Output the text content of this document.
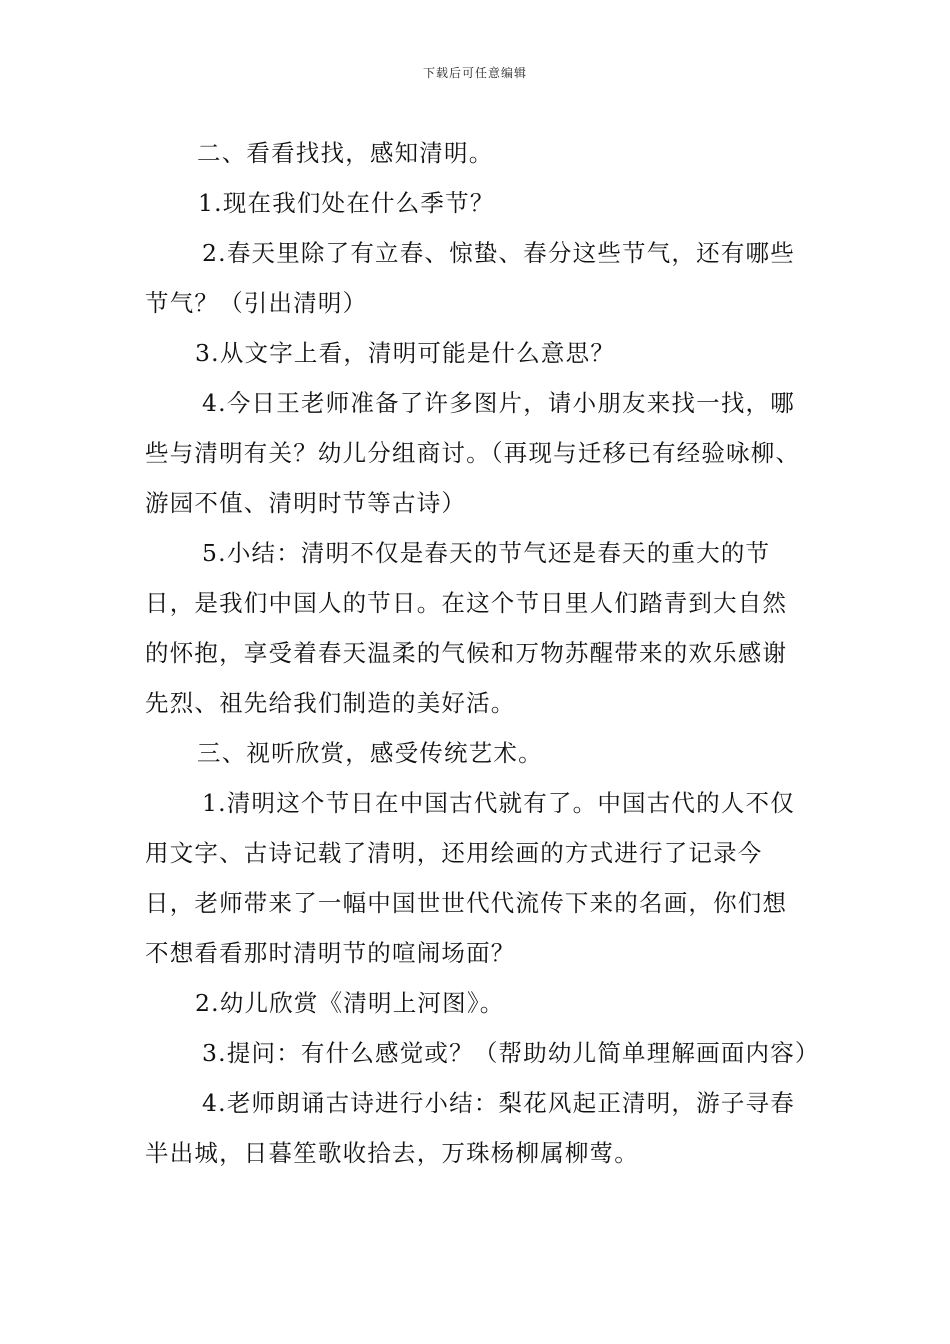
下载后可任意编辑

二、看看找找，感知清明。

1.现在我们处在什么季节？

2.春天里除了有立春、惊蛰、春分这些节气，还有哪些节气？（引出清明）

3.从文字上看，清明可能是什么意思？

4.今日王老师准备了许多图片，请小朋友来找一找，哪些与清明有关？幼儿分组商讨。（再现与迁移已有经验咏柳、游园不值、清明时节等古诗）

5.小结：清明不仅是春天的节气还是春天的重大的节日，是我们中国人的节日。在这个节日里人们踏青到大自然的怀抱，享受着春天温柔的气候和万物苏醒带来的欢乐感谢先烈、祖先给我们制造的美好活。

三、视听欣赏，感受传统艺术。

1.清明这个节日在中国古代就有了。中国古代的人不仅用文字、古诗记载了清明，还用绘画的方式进行了记录今日，老师带来了一幅中国世世代代流传下来的名画，你们想不想看看那时清明节的喧闹场面？

2.幼儿欣赏《清明上河图》。

3.提问：有什么感觉或？（帮助幼儿简单理解画面内容）

4.老师朗诵古诗进行小结：梨花风起正清明，游子寻春半出城，日暮笙歌收拾去，万珠杨柳属柳莺。
